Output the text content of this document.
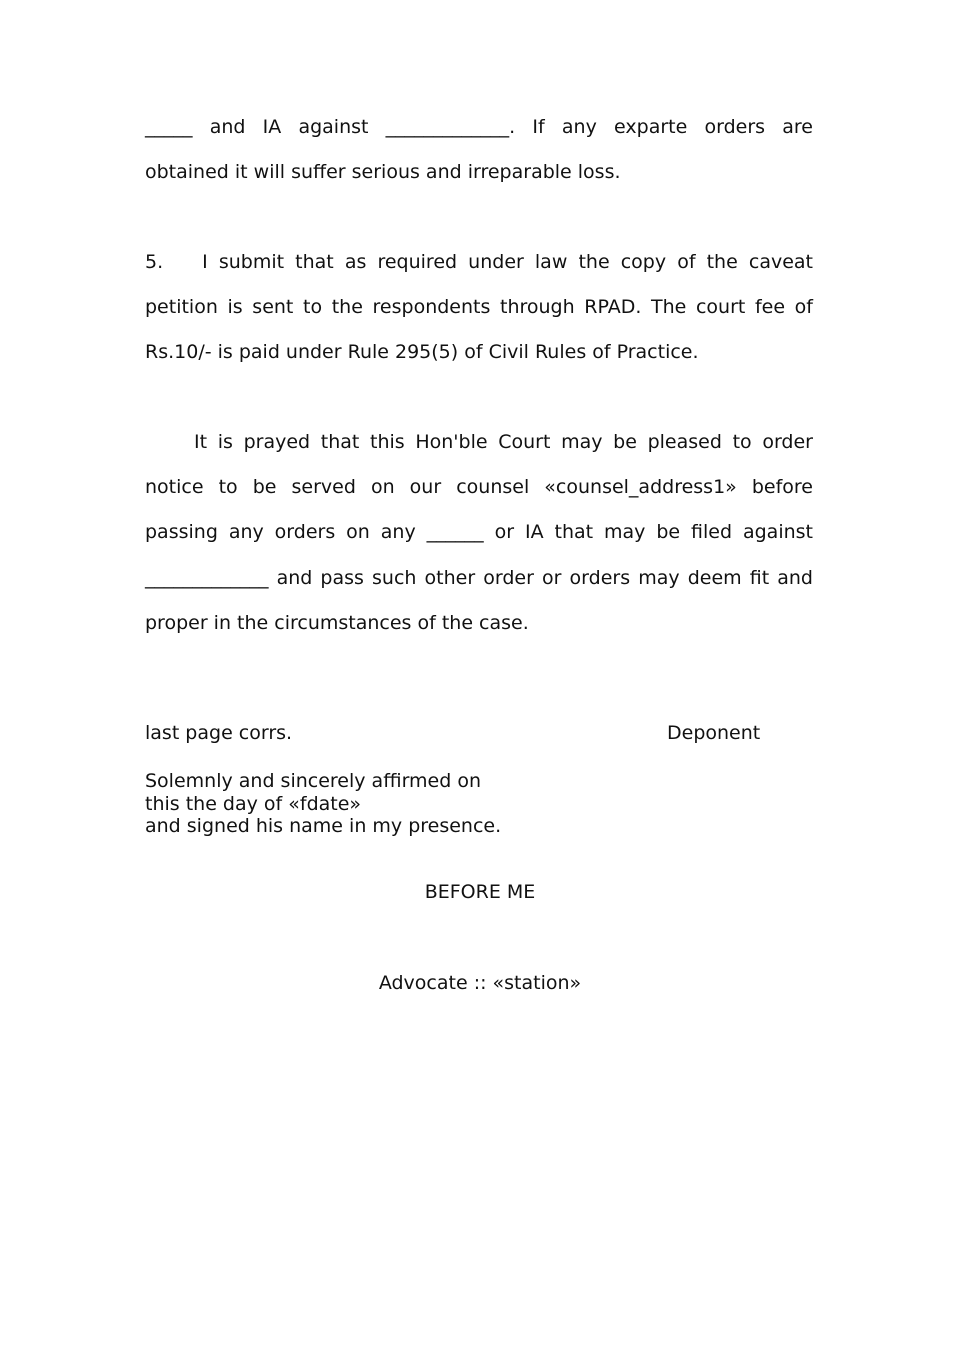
_____ and IA against _____________. If any exparte orders are
obtained it will suffer serious and irreparable loss.

5. I submit that as required under law the copy of the caveat
petition is sent to the respondents through RPAD. The court fee of
Rs.10/- is paid under Rule 295(5) of Civil Rules of Practice.

It is prayed that this Hon'ble Court may be pleased to order
notice to be served on our counsel «counsel_address1» before
passing any orders on any ______ or IA that may be filed against
_____________ and pass such other order or orders may deem fit and
proper in the circumstances of the case.

last page corrs.	Deponent

Solemnly and sincerely affirmed on
this the day of «fdate»
and signed his name in my presence.

BEFORE ME
Advocate :: «station»
